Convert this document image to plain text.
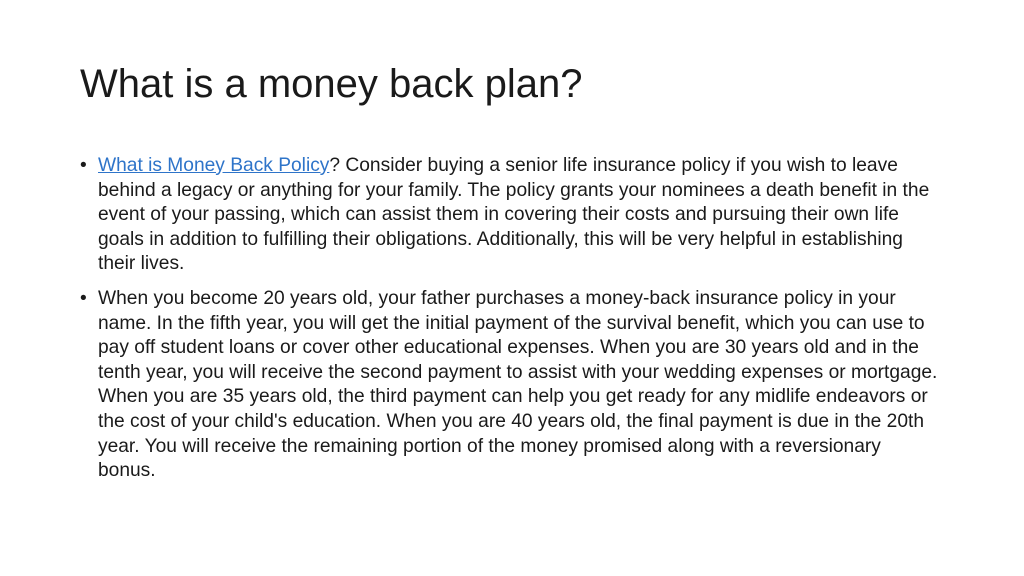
What is a money back plan?
• What is Money Back Policy? Consider buying a senior life insurance policy if you wish to leave behind a legacy or anything for your family. The policy grants your nominees a death benefit in the event of your passing, which can assist them in covering their costs and pursuing their own life goals in addition to fulfilling their obligations. Additionally, this will be very helpful in establishing their lives.
• When you become 20 years old, your father purchases a money-back insurance policy in your name. In the fifth year, you will get the initial payment of the survival benefit, which you can use to pay off student loans or cover other educational expenses. When you are 30 years old and in the tenth year, you will receive the second payment to assist with your wedding expenses or mortgage. When you are 35 years old, the third payment can help you get ready for any midlife endeavors or the cost of your child's education. When you are 40 years old, the final payment is due in the 20th year. You will receive the remaining portion of the money promised along with a reversionary bonus.
